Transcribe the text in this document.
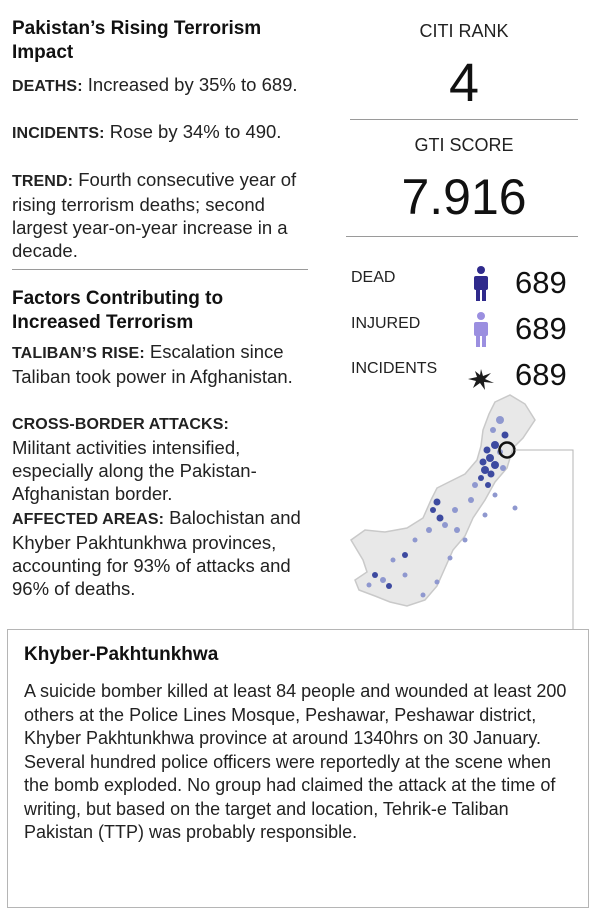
Pakistan’s Rising Terrorism Impact
DEATHS: Increased by 35% to 689.
INCIDENTS: Rose by 34% to 490.
TREND: Fourth consecutive year of rising terrorism deaths; second largest year-on-year increase in a decade.
Factors Contributing to Increased Terrorism
TALIBAN’S RISE: Escalation since Taliban took power in Afghanistan.
CROSS-BORDER ATTACKS:
Militant activities intensified, especially along the Pakistan-Afghanistan border.
AFFECTED AREAS: Balochistan and Khyber Pakhtunkhwa provinces, accounting for 93% of attacks and 96% of deaths.
CITI RANK
4
GTI SCORE
7.916
DEAD	689
INJURED	689
INCIDENTS	689
Khyber-Pakhtunkhwa
A suicide bomber killed at least 84 people and wounded at least 200 others at the Police Lines Mosque, Peshawar, Peshawar district, Khyber Pakhtunkhwa province at around 1340hrs on 30 January. Several hundred police officers were reportedly at the scene when the bomb exploded. No group had claimed the attack at the time of writing, but based on the target and location, Tehrik-e Taliban Pakistan (TTP) was probably responsible.
